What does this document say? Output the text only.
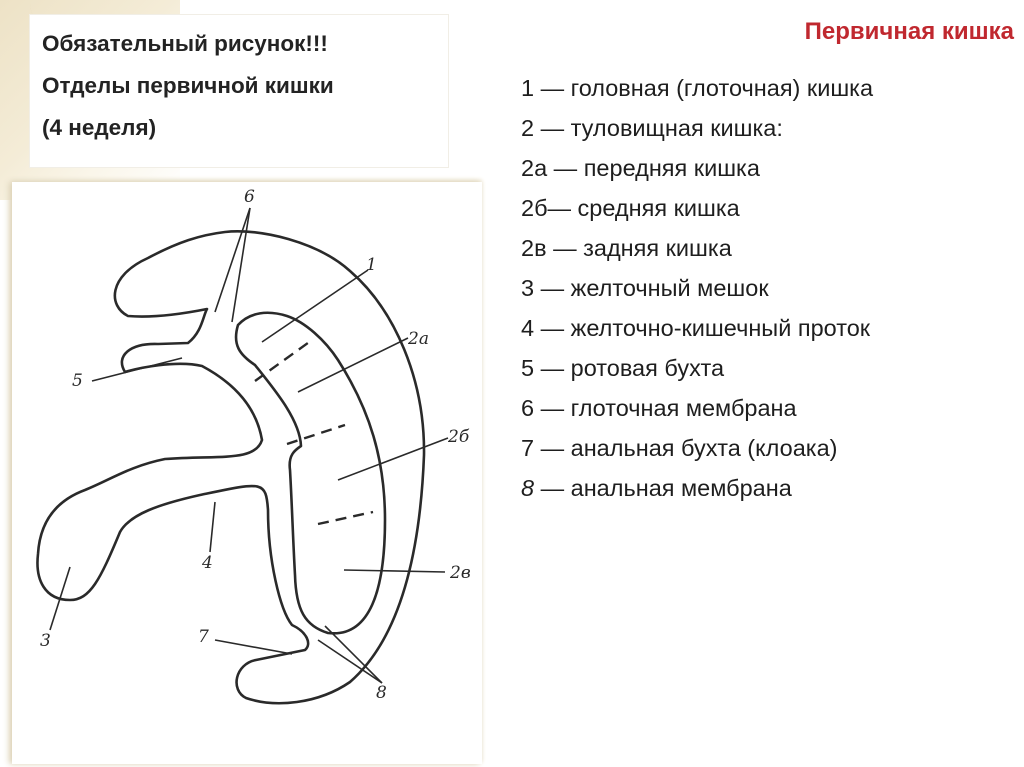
Обязательный рисунок!!!
Отделы первичной кишки
(4 неделя)
Первичная кишка
1
2а
2б
2в
3
4
5
6
7
8
1 — головная (глоточная) кишка
2 — туловищная кишка:
2а — передняя кишка
2б— средняя кишка
2в — задняя кишка
3 — желточный мешок
4 — желточно-кишечный проток
5 — ротовая бухта
6 — глоточная мембрана
7 — анальная бухта (клоака)
8 — анальная мембрана
